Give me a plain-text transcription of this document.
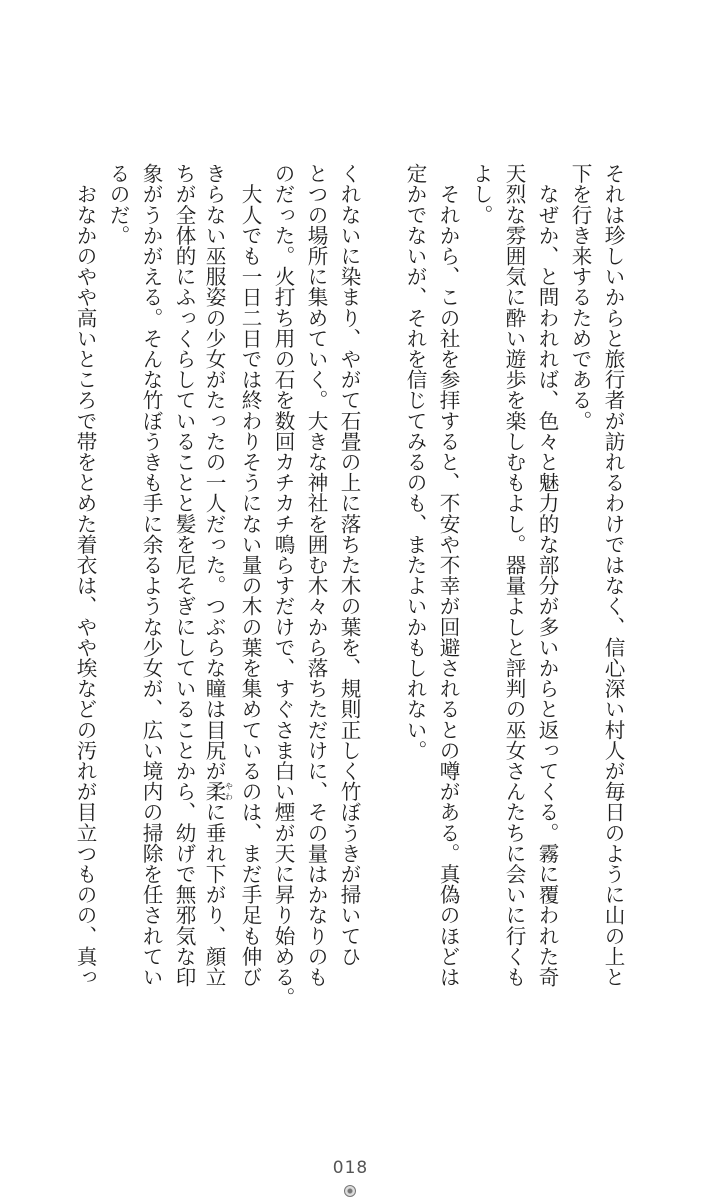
それは珍しいからと旅行者が訪れるわけではなく、信心深い村人が毎日のように山の上と
下を行き来するためである。
　なぜか、と問われれば、色々と魅力的な部分が多いからと返ってくる。霧に覆われた奇
天烈な雰囲気に酔い遊歩を楽しむもよし。器量よしと評判の巫女さんたちに会いに行くも
よし。
　それから、この社を参拝すると、不安や不幸が回避されるとの噂がある。真偽のほどは
定かでないが、それを信じてみるのも、またよいかもしれない。

くれないに染まり、やがて石畳の上に落ちた木の葉を、規則正しく竹ぼうきが掃いてひ
とつの場所に集めていく。大きな神社を囲む木々から落ちただけに、その量はかなりのも
のだった。火打ち用の石を数回カチカチ鳴らすだけで、すぐさま白い煙が天に昇り始める。
　大人でも一日二日では終わりそうにない量の木の葉を集めているのは、まだ手足も伸び
きらない巫服姿の少女がたったの一人だった。つぶらな瞳は目尻が柔やわに垂れ下がり、顔立
ちが全体的にふっくらしていることと髪を尼そぎにしていることから、幼げで無邪気な印
象がうかがえる。そんな竹ぼうきも手に余るような少女が、広い境内の掃除を任されてい
るのだ。
　おなかのやや高いところで帯をとめた着衣は、やや埃などの汚れが目立つものの、真っ
018
